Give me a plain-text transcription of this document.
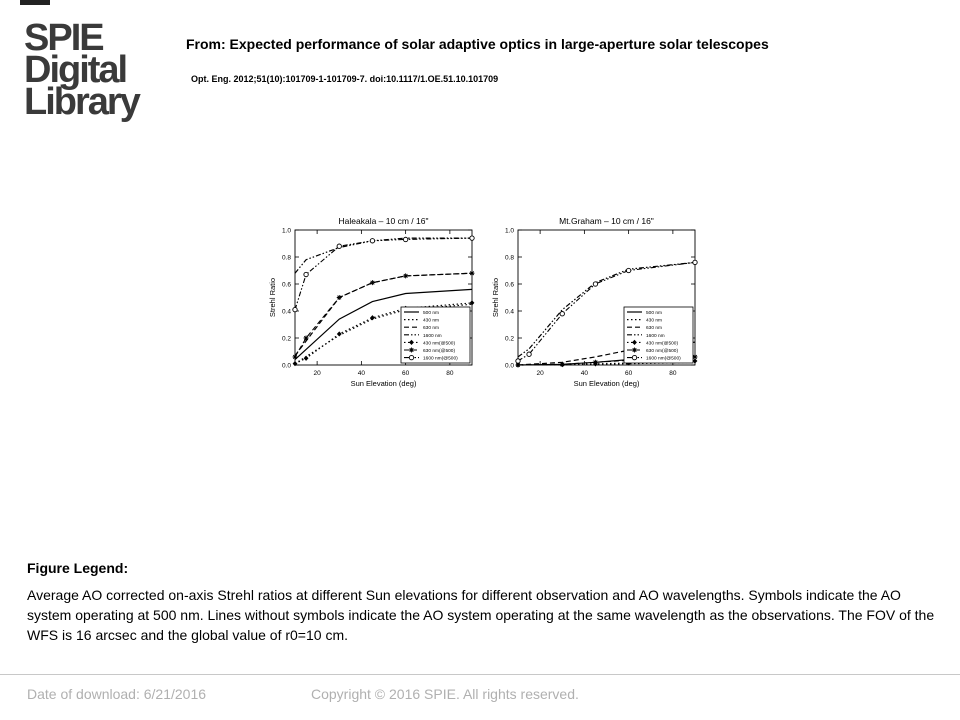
SPIE
Digital
Library
From: Expected performance of solar adaptive optics in large-aperture solar telescopes
Opt. Eng. 2012;51(10):101709-1-101709-7. doi:10.1117/1.OE.51.10.101709
Haleakala – 10 cm / 16"
0.0
0.2
0.4
0.6
0.8
1.0
20	40	60	80
Sun Elevation (deg)
Strehl Ratio	500 nm
430 nm
630 nm
1600 nm
430 nm(@500)
630 nm(@500)
1600 nm(@500)
Mt.Graham – 10 cm / 16"
0.0
0.2
0.4
0.6
0.8
1.0
20	40	60	80
Sun Elevation (deg)
Strehl Ratio	500 nm
430 nm
630 nm
1600 nm
430 nm(@500)
630 nm(@500)
1600 nm(@500)
Figure Legend:
Average AO corrected on-axis Strehl ratios at different Sun elevations for different observation and AO wavelengths. Symbols indicate the AO system operating at 500 nm. Lines without symbols indicate the AO system operating at the same wavelength as the observations. The FOV of the WFS is 16 arcsec and the global value of r0=10 cm.
Date of download: 6/21/2016	Copyright © 2016 SPIE. All rights reserved.
